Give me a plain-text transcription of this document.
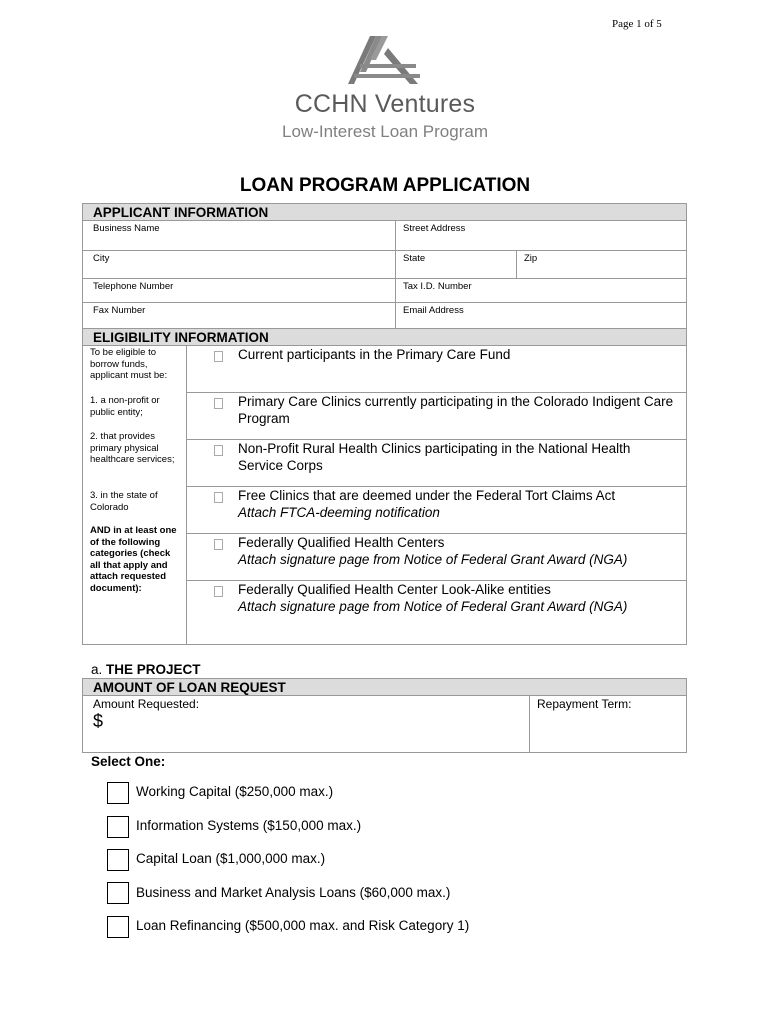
Page 1 of 5
CCHN Ventures
Low-Interest Loan Program
LOAN PROGRAM APPLICATION
APPLICANT INFORMATION
Business Name	Street Address
City	State	Zip
Telephone Number	Tax I.D. Number
Fax Number	Email Address
ELIGIBILITY INFORMATION
To be eligible to borrow funds, applicant must be:
1. a non-profit or public entity;
2. that provides primary physical healthcare services;
3. in the state of Colorado
AND in at least one of the following categories (check all that apply and attach requested document):
Current participants in the Primary Care Fund
Primary Care Clinics currently participating in the Colorado Indigent Care Program
Non-Profit Rural Health Clinics participating in the National Health Service Corps
Free Clinics that are deemed under the Federal Tort Claims Act
Attach FTCA-deeming notification
Federally Qualified Health Centers
Attach signature page from Notice of Federal Grant Award (NGA)
Federally Qualified Health Center Look-Alike entities
Attach signature page from Notice of Federal Grant Award (NGA)
a. THE PROJECT
AMOUNT OF LOAN REQUEST
Amount Requested:
$
Repayment Term:
Select One:
Working Capital ($250,000 max.)
Information Systems ($150,000 max.)
Capital Loan ($1,000,000 max.)
Business and Market Analysis Loans ($60,000 max.)
Loan Refinancing ($500,000 max. and Risk Category 1)
